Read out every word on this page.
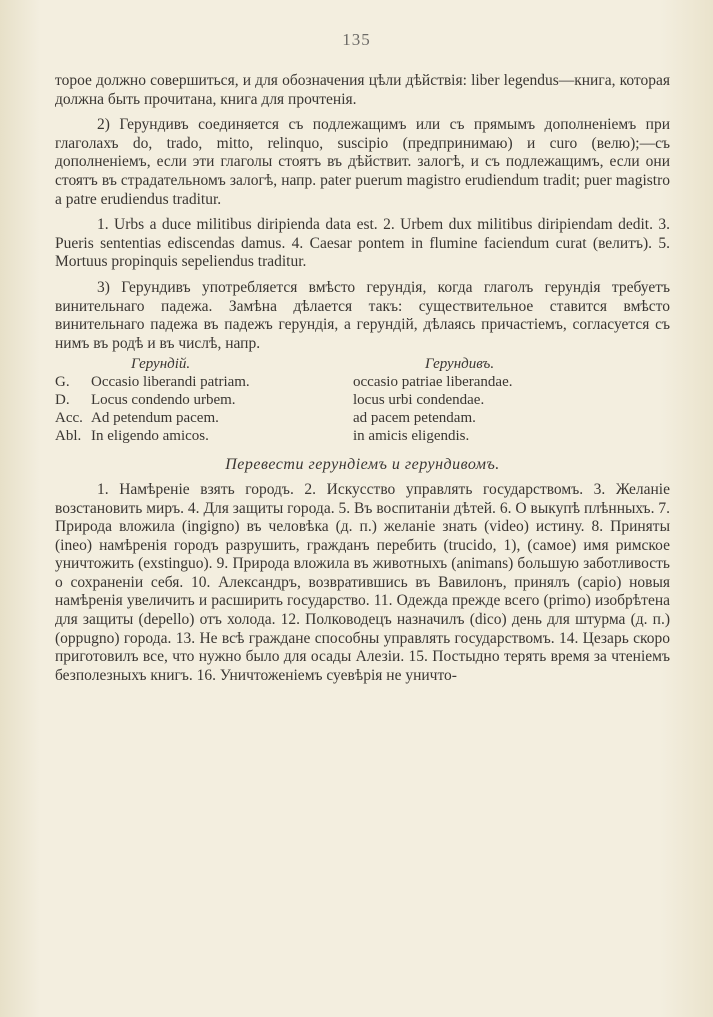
135

торое должно совершиться, и для обозначения цѣли дѣйствія: liber legendus—книга, которая должна быть прочитана, книга для прочтенія.

2) Герундивъ соединяется съ подлежащимъ или съ прямымъ дополненіемъ при глаголахъ do, trado, mitto, relinquo, suscipio (предпринимаю) и curo (велю);—съ дополненіемъ, если эти глаголы стоятъ въ дѣйствит. залогѣ, и съ подлежащимъ, если они стоятъ въ страдательномъ залогѣ, напр. pater puerum magistro erudiendum tradit; puer magistro a patre erudiendus traditur.

1. Urbs a duce militibus diripienda data est. 2. Urbem dux militibus diripiendam dedit. 3. Pueris sententias ediscendas damus. 4. Caesar pontem in flumine faciendum curat (велитъ). 5. Mortuus propinquis sepeliendus traditur.

3) Герундивъ употребляется вмѣсто герундія, когда глаголъ герундія требуетъ винительнаго падежа. Замѣна дѣлается такъ: существительное ставится вмѣсто винительнаго падежа въ падежъ герундія, а герундій, дѣлаясь причастіемъ, согласуется съ нимъ въ родѣ и въ числѣ, напр.

Герундій.	Герундивъ.
G.	Occasio liberandi patriam.	occasio patriae liberandae.
D.	Locus condendo urbem.	locus urbi condendae.
Acc. Ad petendum pacem.	ad pacem petendam.
Abl. In eligendo amicos.	in amicis eligendis.

Перевести герундіемъ и герундивомъ.

1. Намѣреніе взять городъ. 2. Искусство управлять государствомъ. 3. Желаніе возстановить миръ. 4. Для защиты города. 5. Въ воспитаніи дѣтей. 6. О выкупѣ плѣнныхъ. 7. Природа вложила (ingigno) въ человѣка (д. п.) желаніе знать (video) истину. 8. Приняты (ineo) намѣренія городъ разрушить, гражданъ перебить (trucido, 1), (самое) имя римское уничтожить (exstinguo). 9. Природа вложила въ животныхъ (animans) большую заботливость о сохраненіи себя. 10. Александръ, возвратившись въ Вавилонъ, принялъ (capio) новыя намѣренія увеличить и расширить государство. 11. Одежда прежде всего (primo) изобрѣтена для защиты (depello) отъ холода. 12. Полководецъ назначилъ (dico) день для штурма (д. п.) (oppugno) города. 13. Не всѣ граждане способны управлять государствомъ. 14. Цезарь скоро приготовилъ все, что нужно было для осады Алезіи. 15. Постыдно терять время за чтеніемъ безполезныхъ книгъ. 16. Уничтоженіемъ суевѣрія не уничто-
